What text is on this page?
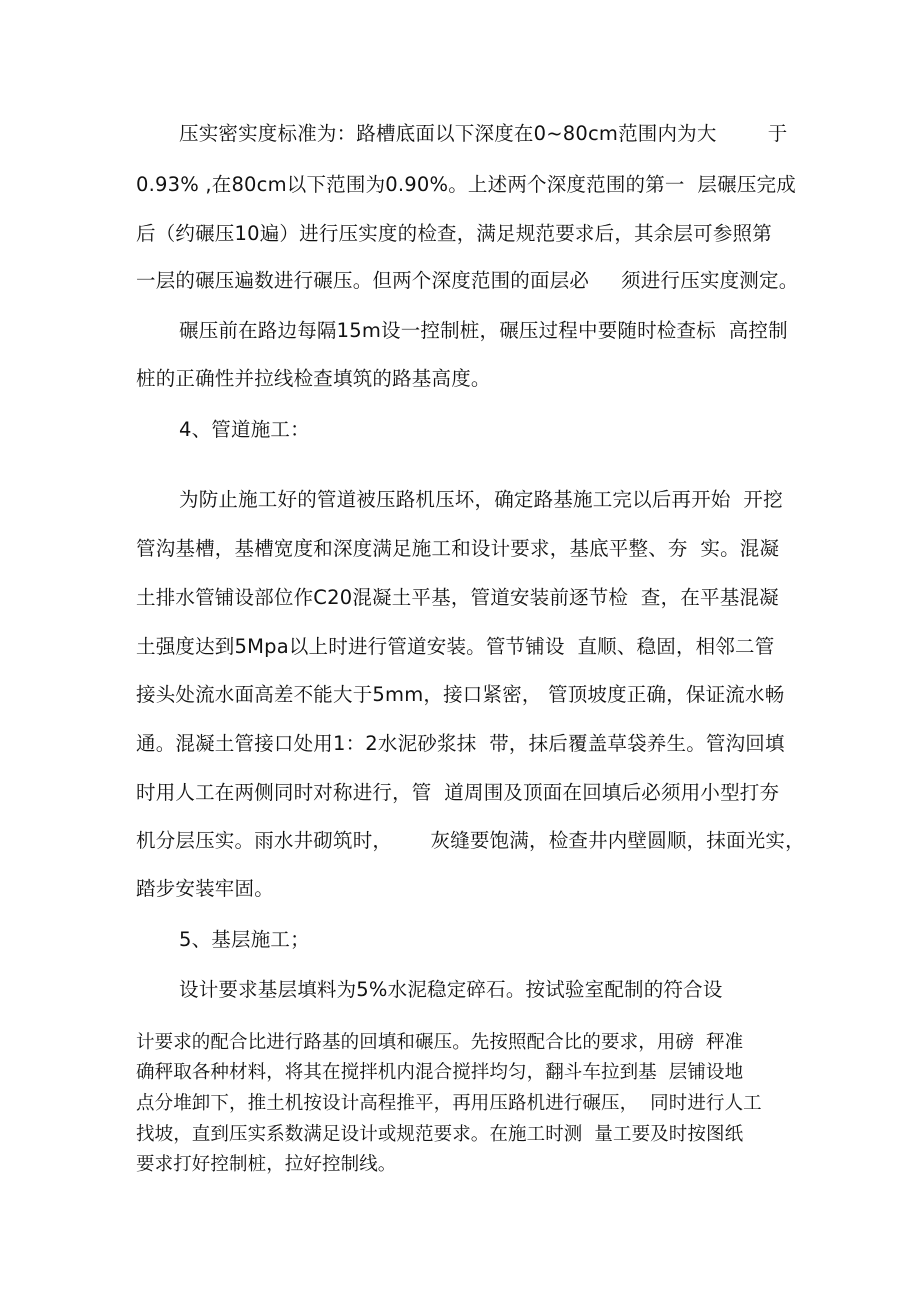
压实密实度标准为：路槽底面以下深度在0~80cm范围内为大        于
0.93% ,在80cm以下范围为0.90%。上述两个深度范围的第一  层碾压完成
后（约碾压10遍）进行压实度的检查，满足规范要求后，其余层可参照第
一层的碾压遍数进行碾压。但两个深度范围的面层必     须进行压实度测定。
碾压前在路边每隔15m设一控制桩，碾压过程中要随时检查标  高控制
桩的正确性并拉线检查填筑的路基高度。
4、管道施工：
为防止施工好的管道被压路机压坏，确定路基施工完以后再开始  开挖
管沟基槽，基槽宽度和深度满足施工和设计要求，基底平整、夯  实。混凝
土排水管铺设部位作C20混凝土平基，管道安装前逐节检  查，在平基混凝
土强度达到5Mpa以上时进行管道安装。管节铺设  直顺、稳固，相邻二管
接头处流水面高差不能大于5mm，接口紧密， 管顶坡度正确，保证流水畅
通。混凝土管接口处用1：2水泥砂浆抹  带，抹后覆盖草袋养生。管沟回填
时用人工在两侧同时对称进行，管  道周围及顶面在回填后必须用小型打夯
机分层压实。雨水井砌筑时，      灰缝要饱满，检查井内壁圆顺，抹面光实，
踏步安装牢固。
5、基层施工；
设计要求基层填料为5%水泥稳定碎石。按试验室配制的符合设
计要求的配合比进行路基的回填和碾压。先按照配合比的要求，用磅  秤准
确秤取各种材料，将其在搅拌机内混合搅拌均匀，翻斗车拉到基  层铺设地
点分堆卸下，推土机按设计高程推平，再用压路机进行碾压，  同时进行人工
找坡，直到压实系数满足设计或规范要求。在施工时测  量工要及时按图纸
要求打好控制桩，拉好控制线。
